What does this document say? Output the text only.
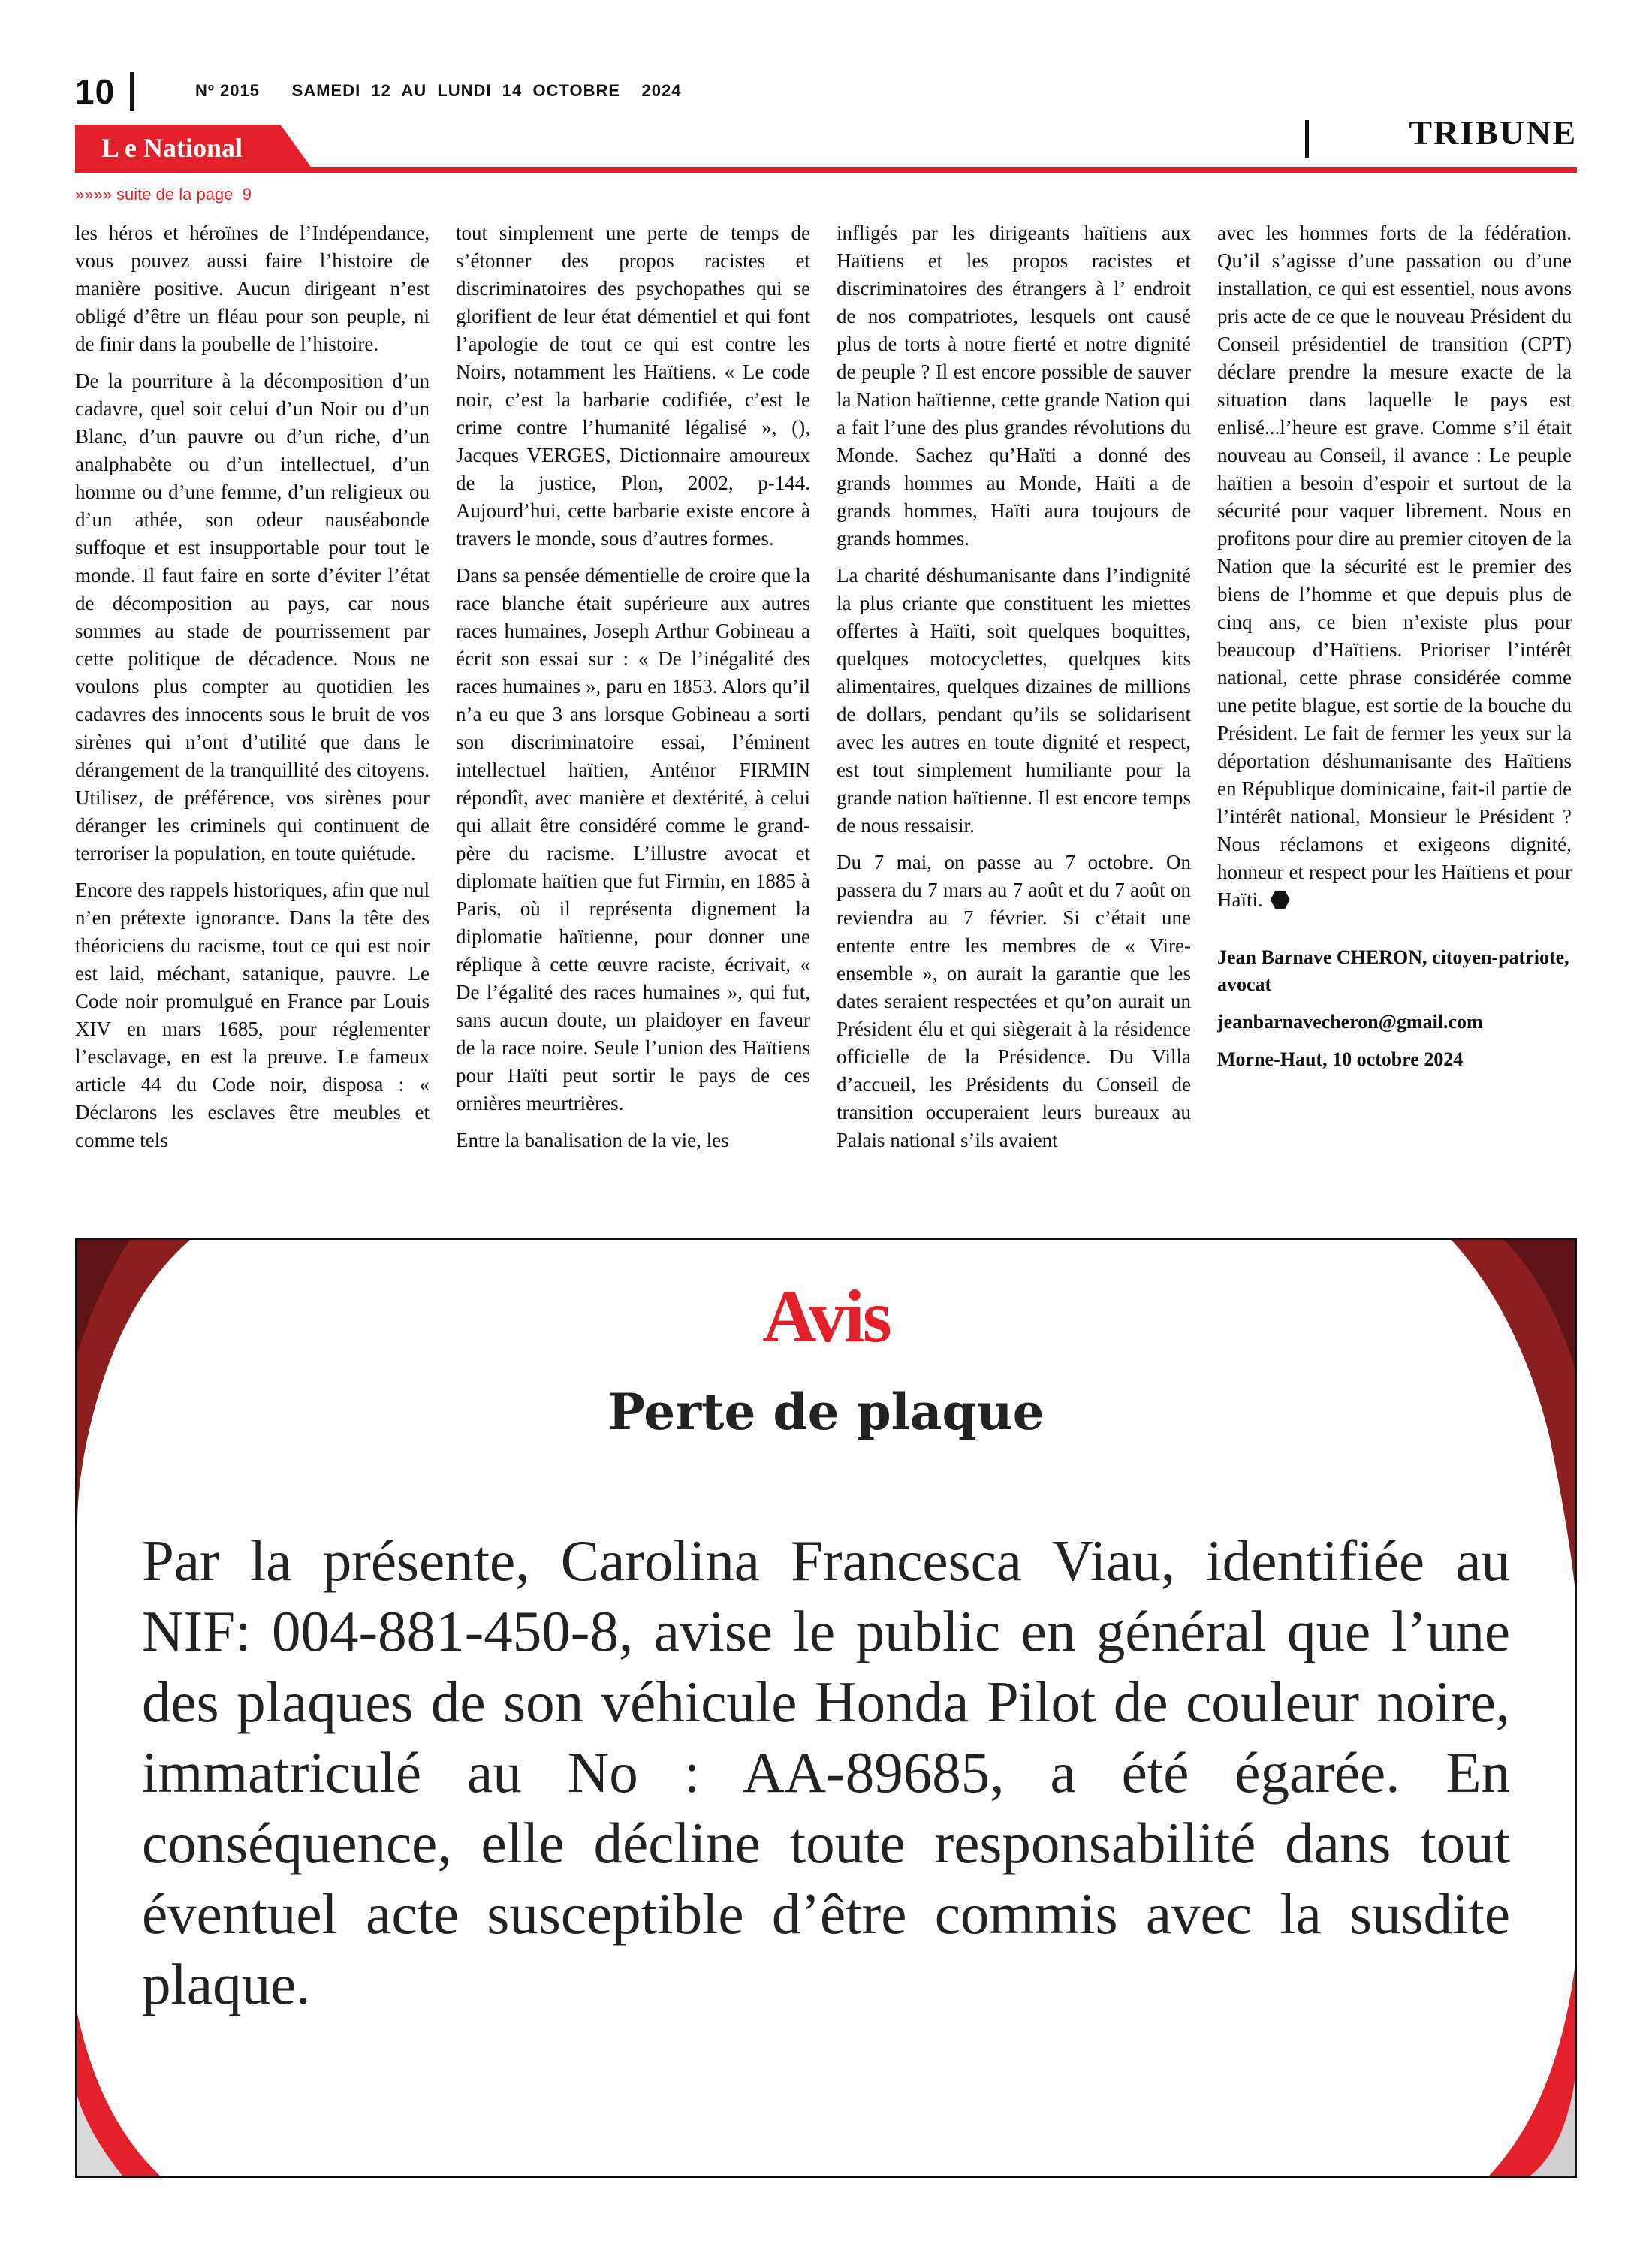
10	Nº 2015      SAMEDI  12  AU  LUNDI  14  OCTOBRE    2024
L e National	TRIBUNE
»»»» suite de la page  9

les héros et héroïnes de l’Indépendance, vous pouvez aussi faire l’histoire de manière positive. Aucun dirigeant n’est obligé d’être un fléau pour son peuple, ni de finir dans la poubelle de l’histoire.

De la pourriture à la décomposition d’un cadavre, quel soit celui d’un Noir ou d’un Blanc, d’un pauvre ou d’un riche, d’un analphabète ou d’un intellectuel, d’un homme ou d’une femme, d’un religieux ou d’un athée, son odeur nauséabonde suffoque et est insupportable pour tout le monde. Il faut faire en sorte d’éviter l’état de décomposition au pays, car nous sommes au stade de pourrissement par cette politique de décadence. Nous ne voulons plus compter au quotidien les cadavres des innocents sous le bruit de vos sirènes qui n’ont d’utilité que dans le dérangement de la tranquillité des citoyens. Utilisez, de préférence, vos sirènes pour déranger les criminels qui continuent de terroriser la population, en toute quiétude.

Encore des rappels historiques, afin que nul n’en prétexte ignorance. Dans la tête des théoriciens du racisme, tout ce qui est noir est laid, méchant, satanique, pauvre. Le Code noir promulgué en France par Louis XIV en mars 1685, pour réglementer l’esclavage, en est la preuve. Le fameux article 44 du Code noir, disposa : « Déclarons les esclaves être meubles et comme tels

tout simplement une perte de temps de s’étonner des propos racistes et discriminatoires des psychopathes qui se glorifient de leur état démentiel et qui font l’apologie de tout ce qui est contre les Noirs, notamment les Haïtiens. « Le code noir, c’est la barbarie codifiée, c’est le crime contre l’humanité légalisé », (), Jacques VERGES, Dictionnaire amoureux de la justice, Plon, 2002, p-144. Aujourd’hui, cette barbarie existe encore à travers le monde, sous d’autres formes.

Dans sa pensée démentielle de croire que la race blanche était supérieure aux autres races humaines, Joseph Arthur Gobineau a écrit son essai sur : « De l’inégalité des races humaines », paru en 1853. Alors qu’il n’a eu que 3 ans lorsque Gobineau a sorti son discriminatoire essai, l’éminent intellectuel haïtien, Anténor FIRMIN répondît, avec manière et dextérité, à celui qui allait être considéré comme le grand-père du racisme. L’illustre avocat et diplomate haïtien que fut Firmin, en 1885 à Paris, où il représenta dignement la diplomatie haïtienne, pour donner une réplique à cette œuvre raciste, écrivait, « De l’égalité des races humaines », qui fut, sans aucun doute, un plaidoyer en faveur de la race noire. Seule l’union des Haïtiens pour Haïti peut sortir le pays de ces ornières meurtrières.

Entre la banalisation de la vie, les

infligés par les dirigeants haïtiens aux Haïtiens et les propos racistes et discriminatoires des étrangers à l’ endroit de nos compatriotes, lesquels ont causé plus de torts à notre fierté et notre dignité de peuple ? Il est encore possible de sauver la Nation haïtienne, cette grande Nation qui a fait l’une des plus grandes révolutions du Monde. Sachez qu’Haïti a donné des grands hommes au Monde, Haïti a de grands hommes, Haïti aura toujours de grands hommes.

La charité déshumanisante dans l’indignité la plus criante que constituent les miettes offertes à Haïti, soit quelques boquittes, quelques motocyclettes, quelques kits alimentaires, quelques dizaines de millions de dollars, pendant qu’ils se solidarisent avec les autres en toute dignité et respect, est tout simplement humiliante pour la grande nation haïtienne. Il est encore temps de nous ressaisir.

Du 7 mai, on passe au 7 octobre. On passera du 7 mars au 7 août et du 7 août on reviendra au 7 février. Si c’était une entente entre les membres de « Vire-ensemble », on aurait la garantie que les dates seraient respectées et qu’on aurait un Président élu et qui siègerait à la résidence officielle de la Présidence. Du Villa d’accueil, les Présidents du Conseil de transition occuperaient leurs bureaux au Palais national s’ils avaient

avec les hommes forts de la fédération. Qu’il s’agisse d’une passation ou d’une installation, ce qui est essentiel, nous avons pris acte de ce que le nouveau Président du Conseil présidentiel de transition (CPT) déclare prendre la mesure exacte de la situation dans laquelle le pays est enlisé...l’heure est grave. Comme s’il était nouveau au Conseil, il avance : Le peuple haïtien a besoin d’espoir et surtout de la sécurité pour vaquer librement. Nous en profitons pour dire au premier citoyen de la Nation que la sécurité est le premier des biens de l’homme et que depuis plus de cinq ans, ce bien n’existe plus pour beaucoup d’Haïtiens. Prioriser l’intérêt national, cette phrase considérée comme une petite blague, est sortie de la bouche du Président. Le fait de fermer les yeux sur la déportation déshumanisante des Haïtiens en République dominicaine, fait-il partie de l’intérêt national, Monsieur le Président ? Nous réclamons et exigeons dignité, honneur et respect pour les Haïtiens et pour Haïti.

Jean Barnave CHERON, citoyen-patriote, avocat
jeanbarnavecheron@gmail.com
Morne-Haut, 10 octobre 2024
Avis
Perte de plaque
Par la présente, Carolina Francesca Viau, identifiée au NIF: 004-881-450-8, avise le public en général que l’une des plaques de son véhicule Honda Pilot de couleur noire, immatriculé au No : AA-89685, a été égarée. En conséquence, elle décline toute responsabilité dans tout éventuel acte susceptible d’être commis avec la susdite plaque.
